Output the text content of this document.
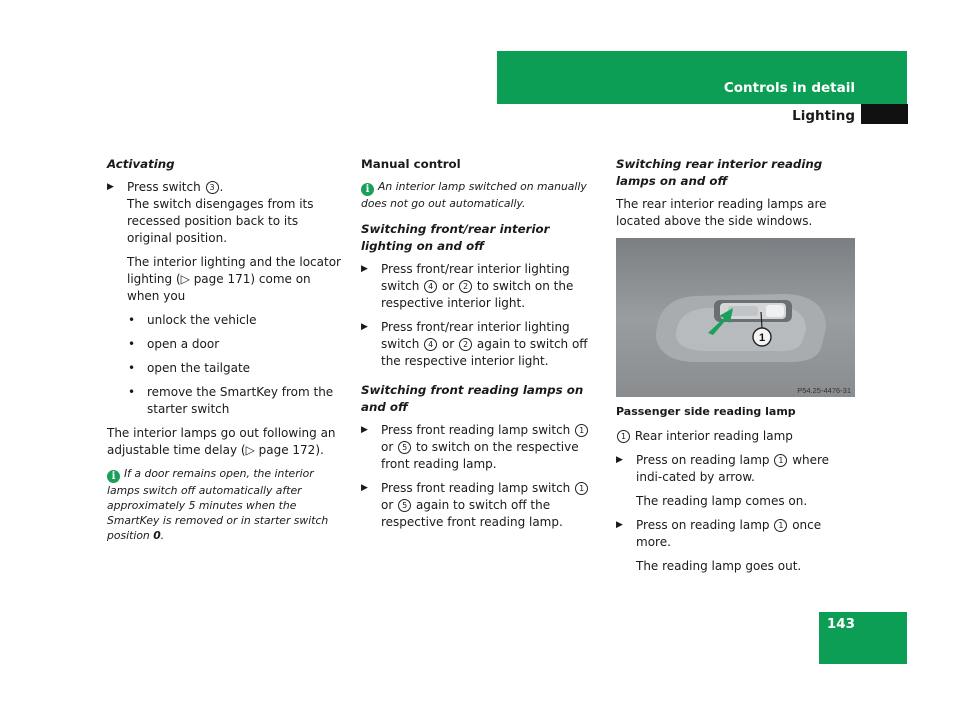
Controls in detail
Lighting
Activating
▶ Press switch 3 .
The switch disengages from its recessed position back to its original position.
The interior lighting and the locator lighting (▷ page 171) come on when you
• unlock the vehicle
• open a door
• open the tailgate
• remove the SmartKey from the starter switch

The interior lamps go out following an adjustable time delay (▷ page 172).

i If a door remains open, the interior lamps switch off automatically after approximately 5 minutes when the SmartKey is removed or in starter switch position 0.
Manual control
i An interior lamp switched on manually does not go out automatically.
Switching front/rear interior lighting on and off
▶ Press front/rear interior lighting switch 4 or 2 to switch on the respective interior light.
▶ Press front/rear interior lighting switch 4 or 2 again to switch off the respective interior light.
Switching front reading lamps on and off
▶ Press front reading lamp switch 1
or 5 to switch on the respective front reading lamp.
▶ Press front reading lamp switch 1
or 5 again to switch off the respective front reading lamp.
Switching rear interior reading lamps on and off

The rear interior reading lamps are located above the side windows.

1
P54.25-4476-31
Passenger side reading lamp

1 Rear interior reading lamp

▶ Press on reading lamp 1 where indi-cated by arrow.
The reading lamp comes on.
▶ Press on reading lamp 1 once more.
The reading lamp goes out.
143
